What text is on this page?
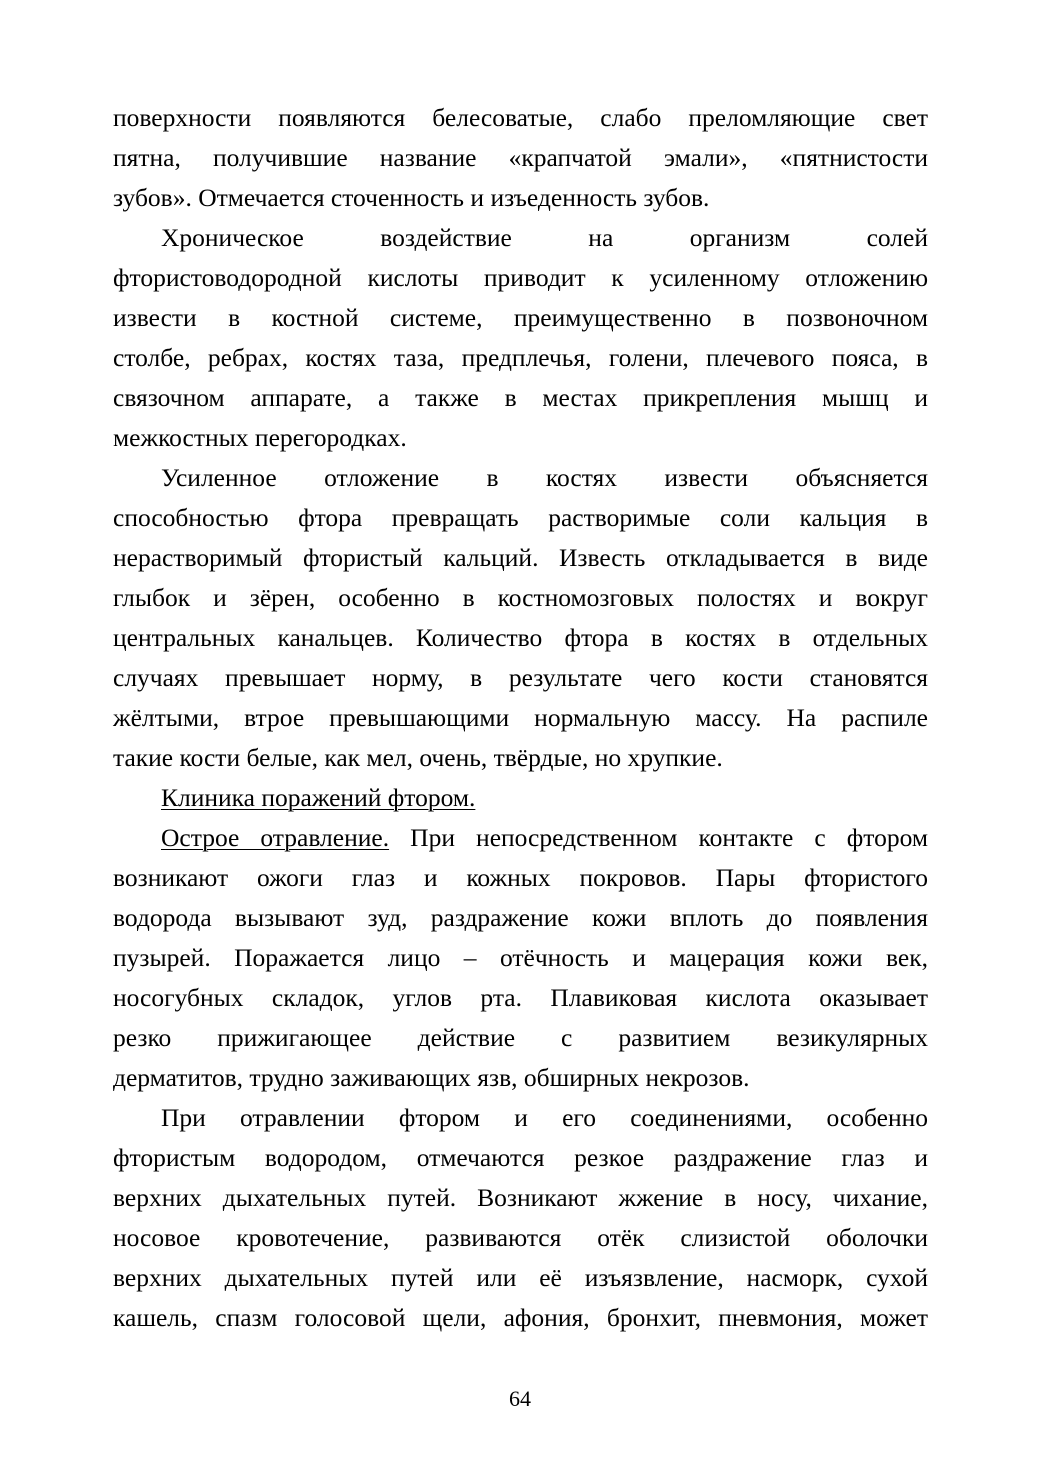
поверхности появляются белесоватые, слабо преломляющие свет
пятна, получившие название «крапчатой эмали», «пятнистости
зубов». Отмечается сточенность и изъеденность зубов.
Хроническое воздействие на организм солей
фтористоводородной кислоты приводит к усиленному отложению
извести в костной системе, преимущественно в позвоночном
столбе, ребрах, костях таза, предплечья, голени, плечевого пояса, в
связочном аппарате, а также в местах прикрепления мышц и
межкостных перегородках.
Усиленное отложение в костях извести объясняется
способностью фтора превращать растворимые соли кальция в
нерастворимый фтористый кальций. Известь откладывается в виде
глыбок и зёрен, особенно в костномозговых полостях и вокруг
центральных канальцев. Количество фтора в костях в отдельных
случаях превышает норму, в результате чего кости становятся
жёлтыми, втрое превышающими нормальную массу. На распиле
такие кости белые, как мел, очень, твёрдые, но хрупкие.
Клиника поражений фтором.
Острое отравление. При непосредственном контакте с фтором
возникают ожоги глаз и кожных покровов. Пары фтористого
водорода вызывают зуд, раздражение кожи вплоть до появления
пузырей. Поражается лицо – отёчность и мацерация кожи век,
носогубных складок, углов рта. Плавиковая кислота оказывает
резко прижигающее действие с развитием везикулярных
дерматитов, трудно заживающих язв, обширных некрозов.
При отравлении фтором и его соединениями, особенно
фтористым водородом, отмечаются резкое раздражение глаз и
верхних дыхательных путей. Возникают жжение в носу, чихание,
носовое кровотечение, развиваются отёк слизистой оболочки
верхних дыхательных путей или её изъязвление, насморк, сухой
кашель, спазм голосовой щели, афония, бронхит, пневмония, может
64
